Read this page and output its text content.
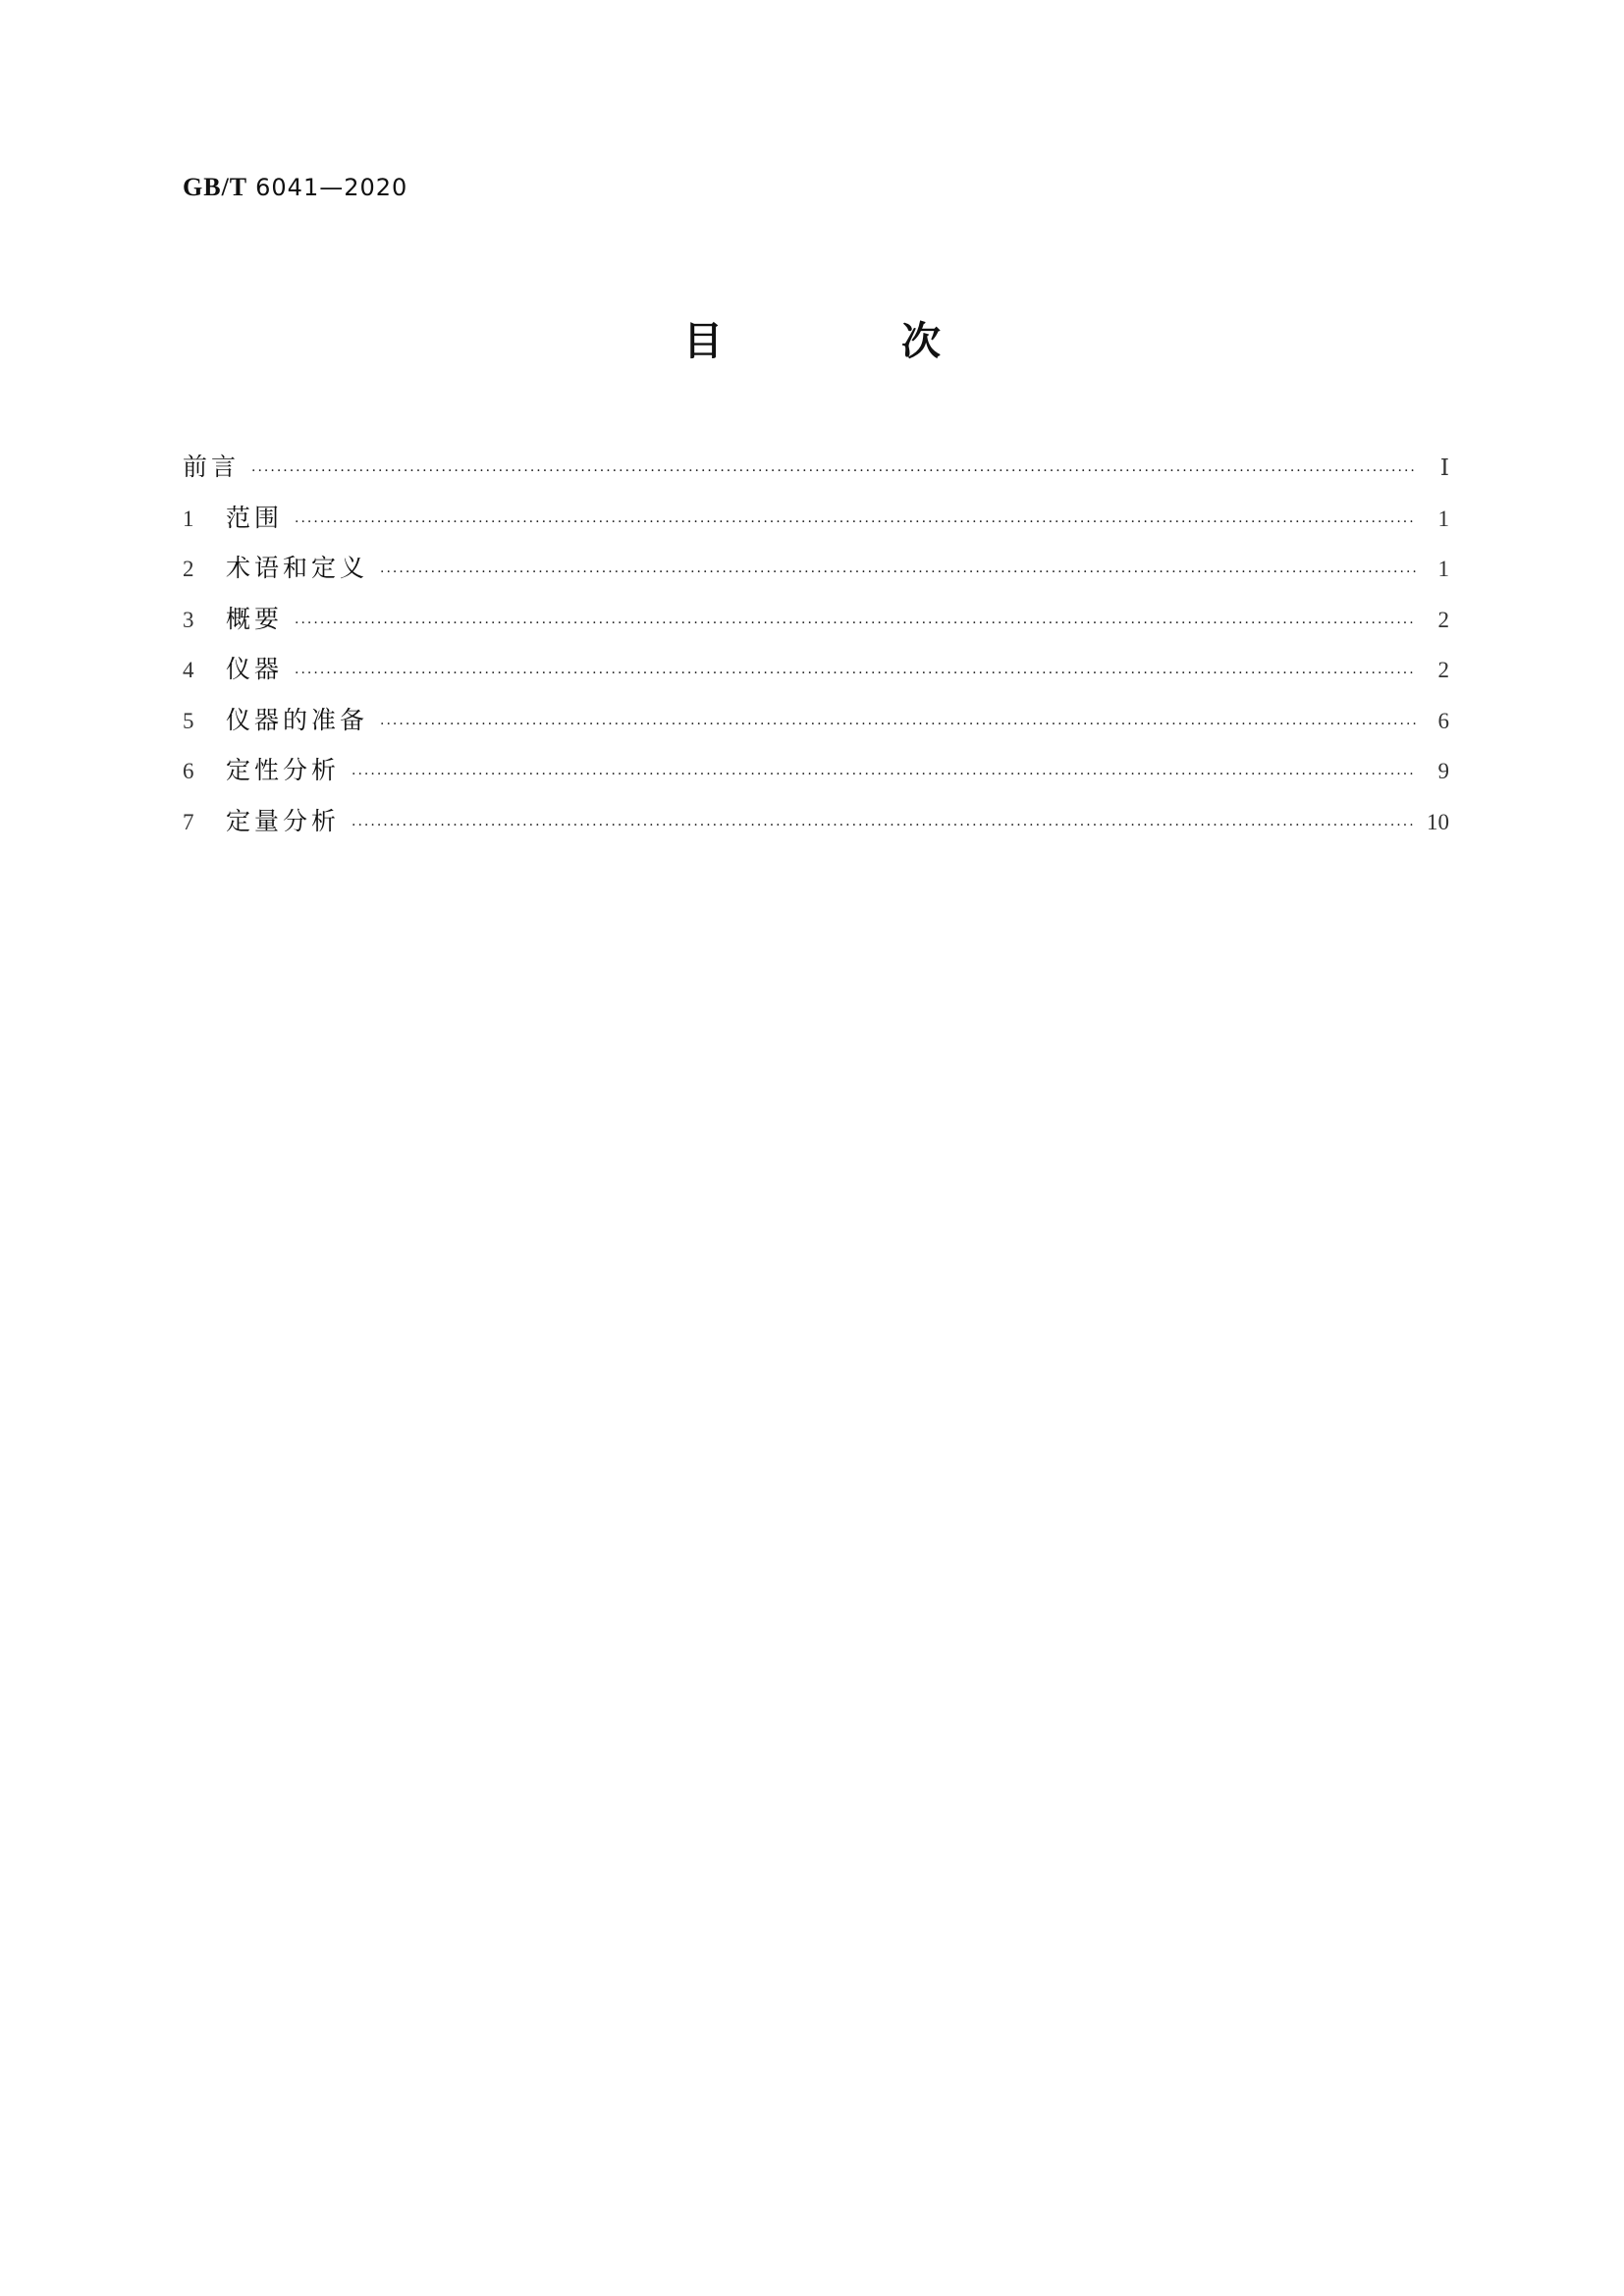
GB/T 6041—2020
目 次
前言 ·····	Ⅰ
1	范围 ·····	1
2	术语和定义 ·····	1
3	概要 ·····	2
4	仪器 ·····	2
5	仪器的准备 ·····	6
6	定性分析 ·····	9
7	定量分析 ·····	10
